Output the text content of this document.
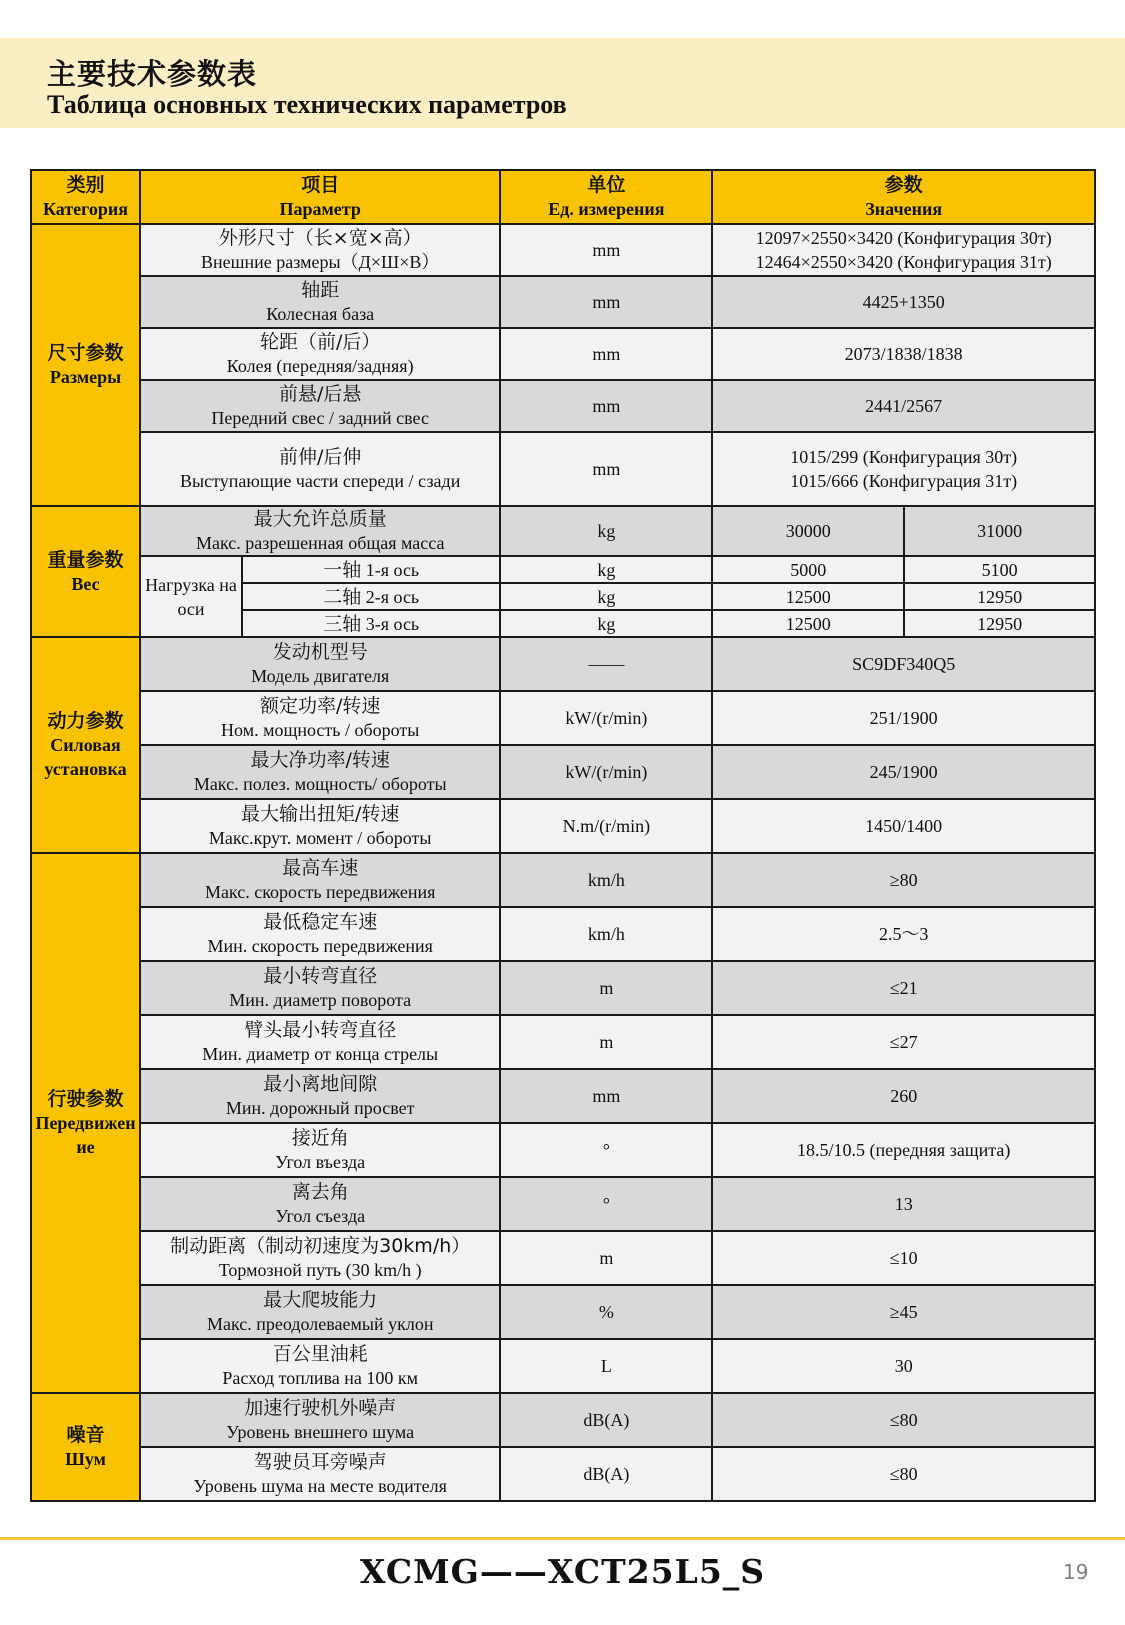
主要技术参数表
Таблица основных технических параметров
类别
Категория	项目
Параметр		单位
Ед. измерения	参数
Значения	

尺寸参数
Размеры	外形尺寸（长×宽×高）
Внешние размеры（Д×Ш×В）		mm	12097×2550×3420 (Конфигурация 30т)
12464×2550×3420 (Конфигурация 31т)	

	轴距
Колесная база		mm	4425+1350	

	轮距（前/后）
Колея (передняя/задняя)		mm	2073/1838/1838	

	前悬/后悬
Передний свес / задний свес		mm	2441/2567	

	前伸/后伸
Выступающие части спереди / сзади		mm	1015/299 (Конфигурация 30т)
1015/666 (Конфигурация 31т)	

重量参数
Вес	最大允许总质量
Макс. разрешенная общая масса		kg	30000	31000
	Нагрузка на оси	一轴 1-я ось	kg	5000	5100
		二轴 2-я ось	kg	12500	12950
		三轴 3-я ось	kg	12500	12950

动力参数
Силовая установка	发动机型号
Модель двигателя		——	SC9DF340Q5	

	额定功率/转速
Ном. мощность / обороты		kW/(r/min)	251/1900	

	最大净功率/转速
Макс. полез. мощность/ обороты		kW/(r/min)	245/1900	

	最大输出扭矩/转速
Макс.крут. момент / обороты		N.m/(r/min)	1450/1400	

行驶参数
Передвижение	最高车速
Макс. скорость передвижения		km/h	≥80	

	最低稳定车速
Мин. скорость передвижения		km/h	2.5～3	

	最小转弯直径
Мин. диаметр поворота		m	≤21	

	臂头最小转弯直径
Мин. диаметр от конца стрелы		m	≤27	

	最小离地间隙
Мин. дорожный просвет		mm	260	

	接近角
Угол въезда		°	18.5/10.5 (передняя защита)	

	离去角
Угол съезда		°	13	

	制动距离（制动初速度为30km/h）
Тормозной путь (30 km/h )		m	≤10	

	最大爬坡能力
Макс. преодолеваемый уклон		%	≥45	

	百公里油耗
Расход топлива на 100 км		L	30	

噪音
Шум	加速行驶机外噪声
Уровень внешнего шума		dB(A)	≤80	

	驾驶员耳旁噪声
Уровень шума на месте водителя		dB(A)	≤80	
XCMG——XCT25L5_S	19
